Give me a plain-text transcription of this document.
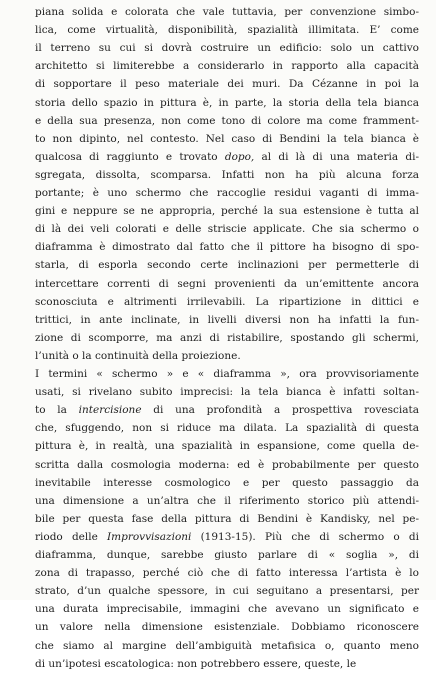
piana solida e colorata che vale tuttavia, per convenzione simbo-
lica, come virtualità, disponibilità, spazialità illimitata. E’ come
il terreno su cui si dovrà costruire un edificio: solo un cattivo
architetto si limiterebbe a considerarlo in rapporto alla capacità
di sopportare il peso materiale dei muri. Da Cézanne in poi la
storia dello spazio in pittura è, in parte, la storia della tela bianca
e della sua presenza, non come tono di colore ma come framment-
to non dipinto, nel contesto. Nel caso di Bendini la tela bianca è
qualcosa di raggiunto e trovato dopo, al di là di una materia di-
sgregata, dissolta, scomparsa. Infatti non ha più alcuna forza
portante; è uno schermo che raccoglie residui vaganti di imma-
gini e neppure se ne appropria, perché la sua estensione è tutta al
di là dei veli colorati e delle striscie applicate. Che sia schermo o
diaframma è dimostrato dal fatto che il pittore ha bisogno di spo-
starla, di esporla secondo certe inclinazioni per permetterle di
intercettare correnti di segni provenienti da un’emittente ancora
sconosciuta e altrimenti irrilevabili. La ripartizione in dittici e
trittici, in ante inclinate, in livelli diversi non ha infatti la fun-
zione di scomporre, ma anzi di ristabilire, spostando gli schermi,
l’unità o la continuità della proiezione.
I termini « schermo » e « diaframma », ora provvisoriamente
usati, si rivelano subito imprecisi: la tela bianca è infatti soltan-
to la intercisione di una profondità a prospettiva rovesciata
che, sfuggendo, non si riduce ma dilata. La spazialità di questa
pittura è, in realtà, una spazialità in espansione, come quella de-
scritta dalla cosmologia moderna: ed è probabilmente per questo
inevitabile interesse cosmologico e per questo passaggio da
una dimensione a un’altra che il riferimento storico più attendi-
bile per questa fase della pittura di Bendini è Kandisky, nel pe-
riodo delle Improvvisazioni (1913-15). Più che di schermo o di
diaframma, dunque, sarebbe giusto parlare di « soglia », di
zona di trapasso, perché ciò che di fatto interessa l’artista è lo
strato, d’un qualche spessore, in cui seguitano a presentarsi, per
una durata imprecisabile, immagini che avevano un significato e
un valore nella dimensione esistenziale. Dobbiamo riconoscere
che siamo al margine dell’ambiguità metafisica o, quanto meno
di un’ipotesi escatologica: non potrebbero essere, queste, le
